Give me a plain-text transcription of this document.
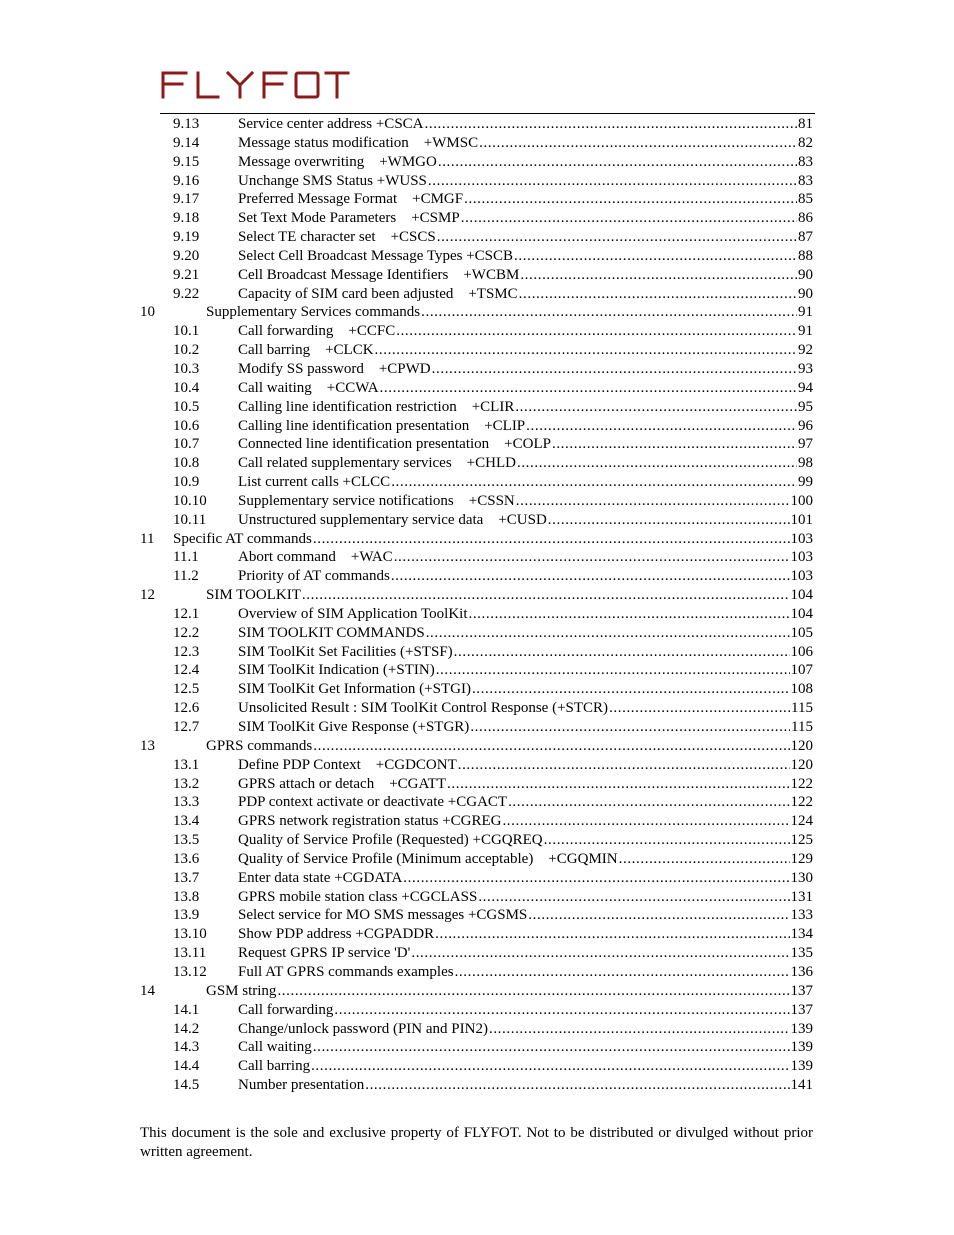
9.13	Service center address +CSCA .....	81
9.14	Message status modification    +WMSC .....	82
9.15	Message overwriting    +WMGO .....	83
9.16	Unchange SMS Status +WUSS .....	83
9.17	Preferred Message Format    +CMGF .....	85
9.18	Set Text Mode Parameters    +CSMP .....	86
9.19	Select TE character set    +CSCS .....	87
9.20	Select Cell Broadcast Message Types +CSCB .....	88
9.21	Cell Broadcast Message Identifiers    +WCBM .....	90
9.22	Capacity of SIM card been adjusted    +TSMC .....	90
10	Supplementary Services commands .....	91
10.1	Call forwarding    +CCFC .....	91
10.2	Call barring    +CLCK .....	92
10.3	Modify SS password    +CPWD .....	93
10.4	Call waiting    +CCWA .....	94
10.5	Calling line identification restriction    +CLIR .....	95
10.6	Calling line identification presentation    +CLIP .....	96
10.7	Connected line identification presentation    +COLP .....	97
10.8	Call related supplementary services    +CHLD .....	98
10.9	List current calls +CLCC .....	99
10.10 Supplementary service notifications    +CSSN .....	100
10.11 Unstructured supplementary service data    +CUSD .....	101
11 Specific AT commands .....	103
11.1	Abort command    +WAC .....	103
11.2	Priority of AT commands .....	103
12	SIM TOOLKIT .....	104
12.1	Overview of SIM Application ToolKit .....	104
12.2	SIM TOOLKIT COMMANDS .....	105
12.3	SIM ToolKit Set Facilities (+STSF) .....	106
12.4	SIM ToolKit Indication (+STIN) .....	107
12.5	SIM ToolKit Get Information (+STGI) .....	108
12.6	Unsolicited Result : SIM ToolKit Control Response (+STCR) .....	115
12.7	SIM ToolKit Give Response (+STGR) .....	115
13	GPRS commands .....	120
13.1	Define PDP Context    +CGDCONT .....	120
13.2	GPRS attach or detach    +CGATT .....	122
13.3	PDP context activate or deactivate +CGACT .....	122
13.4	GPRS network registration status +CGREG .....	124
13.5	Quality of Service Profile (Requested) +CGQREQ .....	125
13.6	Quality of Service Profile (Minimum acceptable)    +CGQMIN .....	129
13.7	Enter data state +CGDATA .....	130
13.8	GPRS mobile station class +CGCLASS .....	131
13.9	Select service for MO SMS messages +CGSMS .....	133
13.10 Show PDP address +CGPADDR .....	134
13.11 Request GPRS IP service 'D' .....	135
13.12 Full AT GPRS commands examples .....	136
14	GSM string .....	137
14.1	Call forwarding .....	137
14.2	Change/unlock password (PIN and PIN2) .....	139
14.3	Call waiting .....	139
14.4	Call barring .....	139
14.5	Number presentation .....	141
This document is the sole and exclusive property of FLYFOT. Not to be distributed or divulged without prior written agreement.
